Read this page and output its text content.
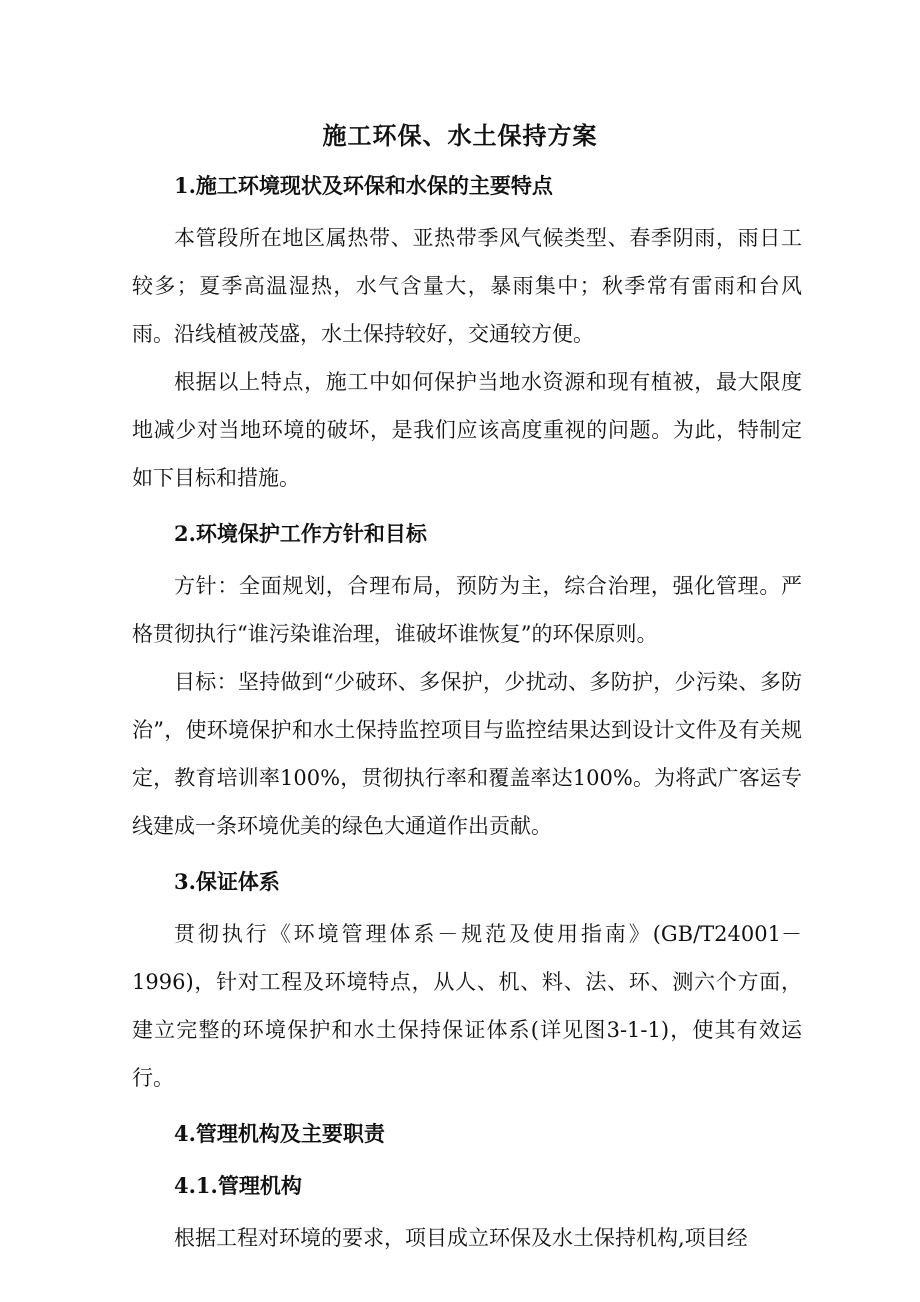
施工环保、水土保持方案

1.施工环境现状及环保和水保的主要特点

本管段所在地区属热带、亚热带季风气候类型、春季阴雨，雨日工较多；夏季高温湿热，水气含量大，暴雨集中；秋季常有雷雨和台风雨。沿线植被茂盛，水土保持较好，交通较方便。

根据以上特点，施工中如何保护当地水资源和现有植被，最大限度地减少对当地环境的破坏，是我们应该高度重视的问题。为此，特制定如下目标和措施。

2.环境保护工作方针和目标

方针：全面规划，合理布局，预防为主，综合治理，强化管理。严格贯彻执行“谁污染谁治理，谁破坏谁恢复”的环保原则。

目标：坚持做到“少破环、多保护，少扰动、多防护，少污染、多防治”，使环境保护和水土保持监控项目与监控结果达到设计文件及有关规定，教育培训率100%，贯彻执行率和覆盖率达100%。为将武广客运专线建成一条环境优美的绿色大通道作出贡献。

3.保证体系

贯彻执行《环境管理体系－规范及使用指南》(GB/T24001－1996)，针对工程及环境特点，从人、机、料、法、环、测六个方面，建立完整的环境保护和水土保持保证体系(详见图3-1-1)，使其有效运行。

4.管理机构及主要职责

4.1.管理机构

根据工程对环境的要求，项目成立环保及水土保持机构,项目经
